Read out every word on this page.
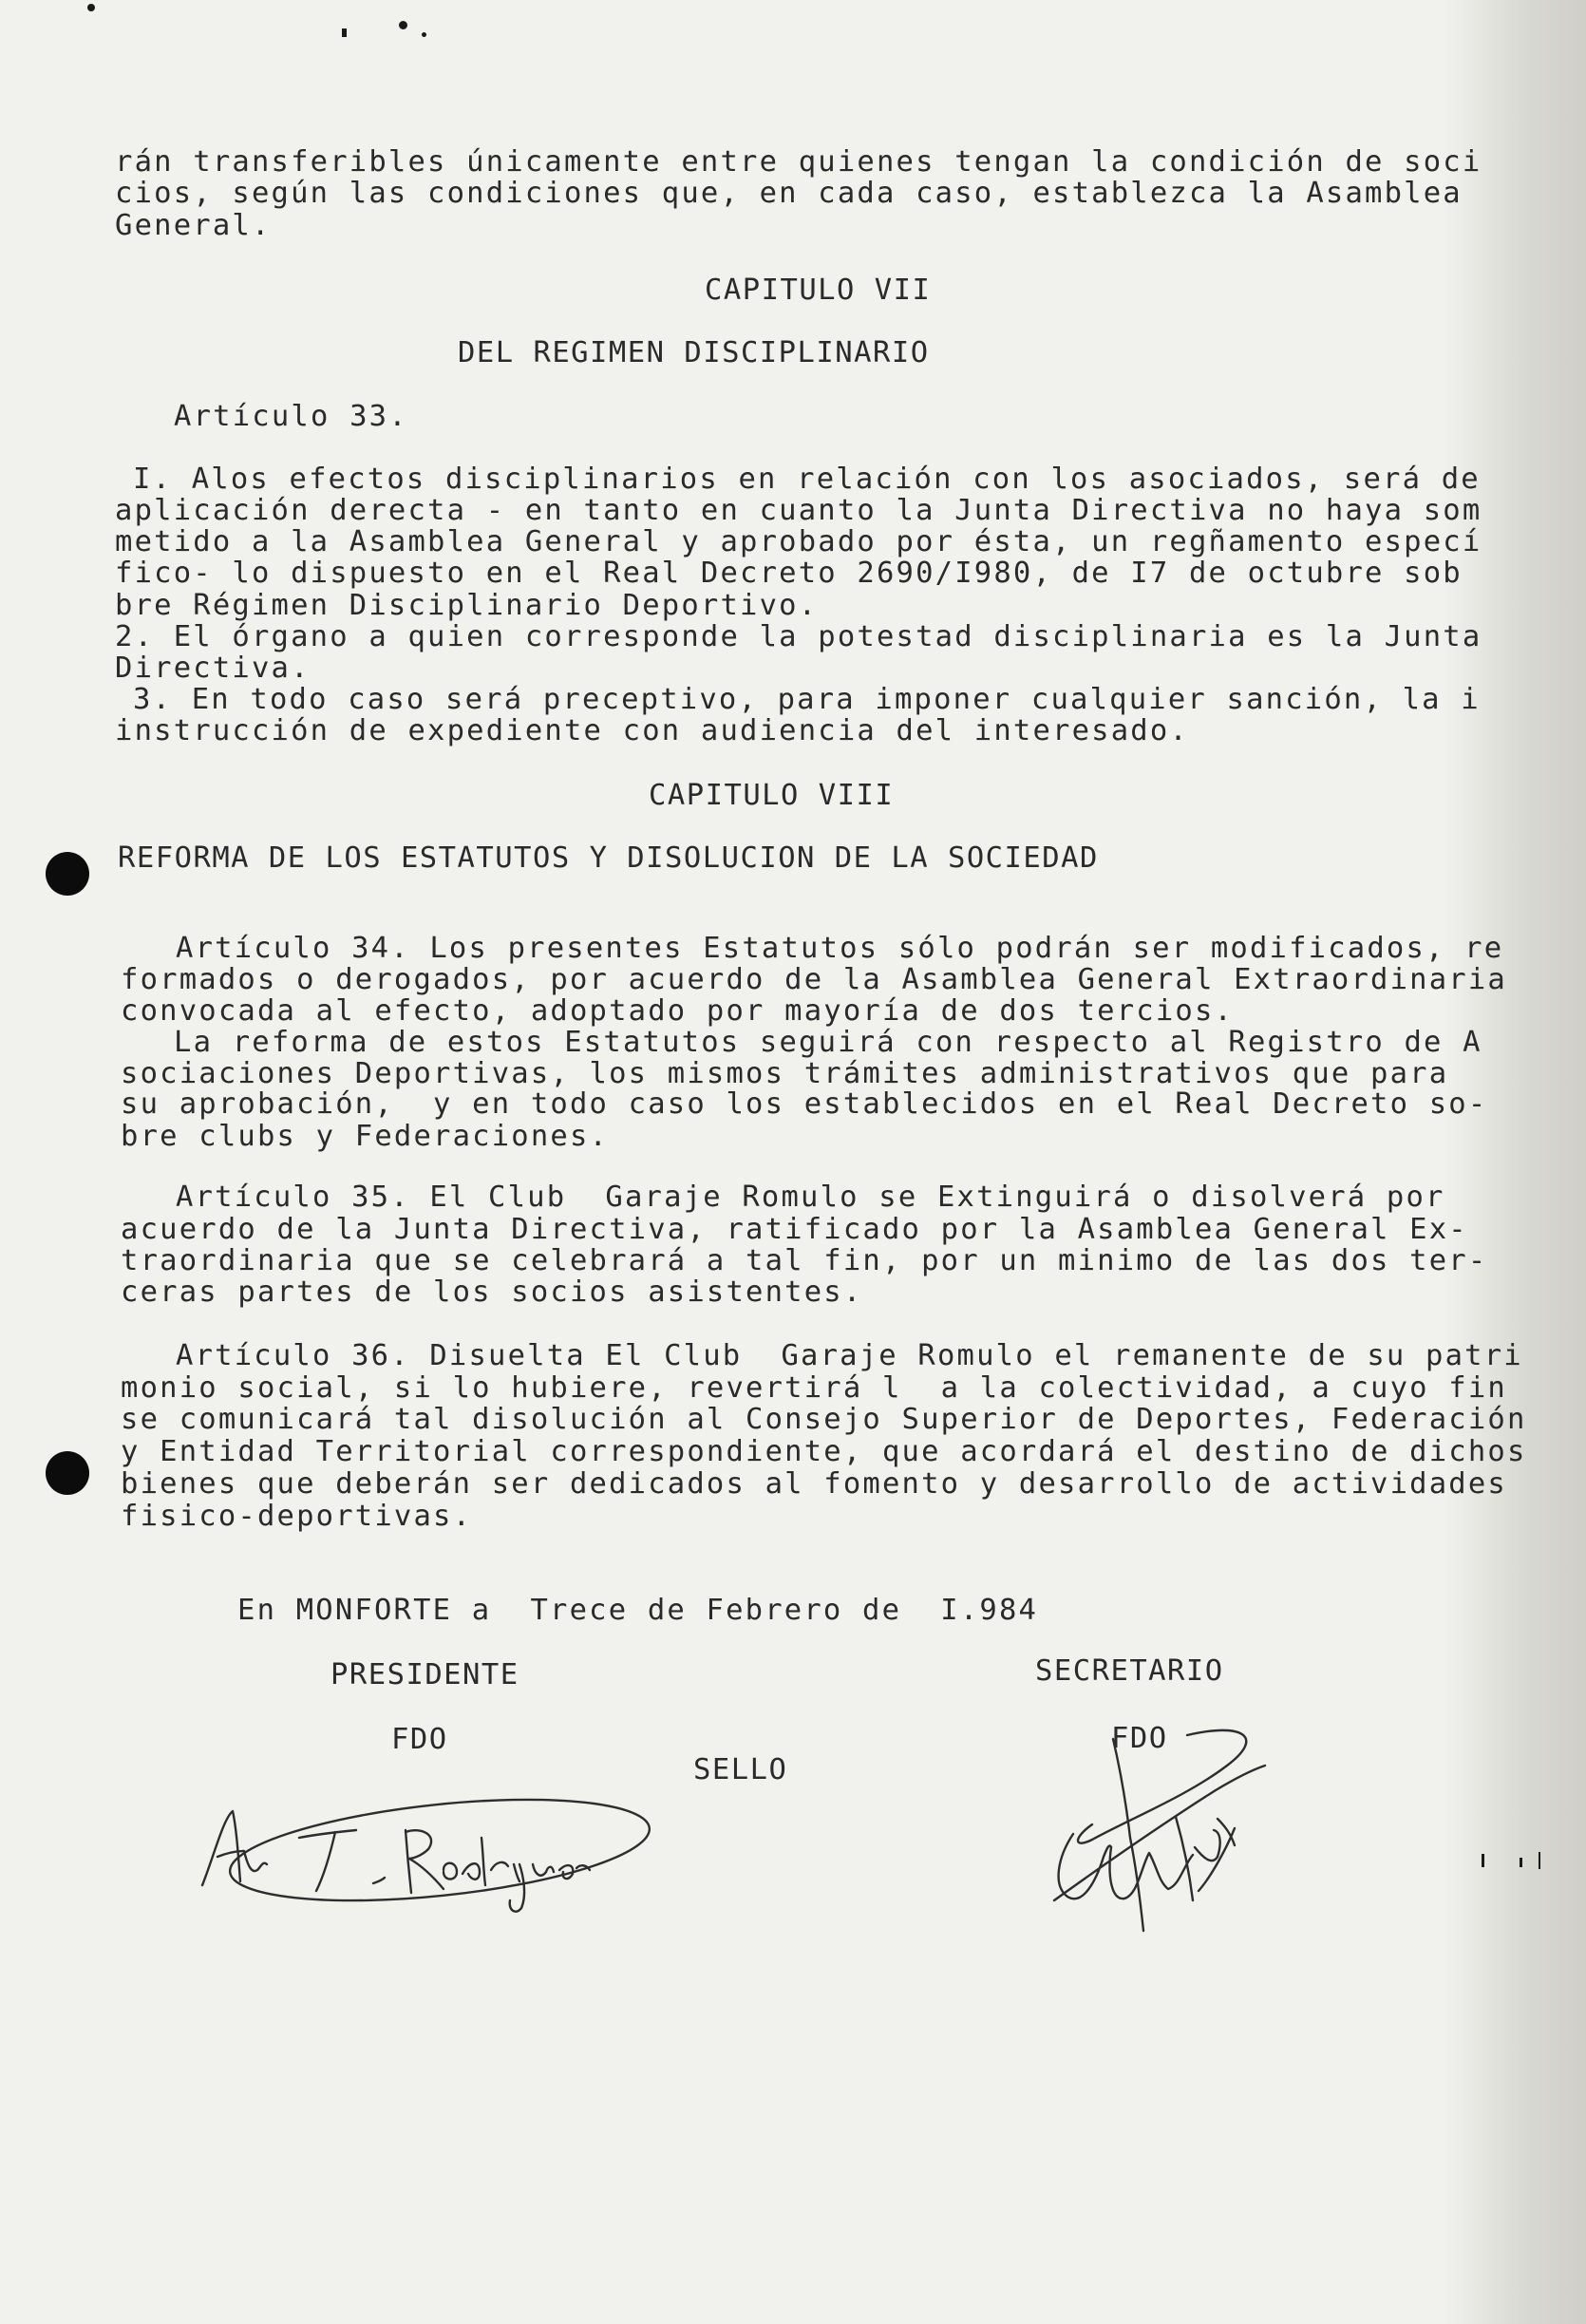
rán transferibles únicamente entre quienes tengan la condición de soci
cios, según las condiciones que, en cada caso, establezca la Asamblea
General.
CAPITULO VII
DEL REGIMEN DISCIPLINARIO
Artículo 33.
I. Alos efectos disciplinarios en relación con los asociados, será de
aplicación derecta - en tanto en cuanto la Junta Directiva no haya som
metido a la Asamblea General y aprobado por ésta, un regñamento especí
fico- lo dispuesto en el Real Decreto 2690/I980, de I7 de octubre sob
bre Régimen Disciplinario Deportivo.
2. El órgano a quien corresponde la potestad disciplinaria es la Junta
Directiva.
3. En todo caso será preceptivo, para imponer cualquier sanción, la i
instrucción de expediente con audiencia del interesado.
CAPITULO VIII
REFORMA DE LOS ESTATUTOS Y DISOLUCION DE LA SOCIEDAD
Artículo 34. Los presentes Estatutos sólo podrán ser modificados, re
formados o derogados, por acuerdo de la Asamblea General Extraordinaria
convocada al efecto, adoptado por mayoría de dos tercios.
La reforma de estos Estatutos seguirá con respecto al Registro de A
sociaciones Deportivas, los mismos trámites administrativos que para
su aprobación,  y en todo caso los establecidos en el Real Decreto so-
bre clubs y Federaciones.
Artículo 35. El Club  Garaje Romulo se Extinguirá o disolverá por
acuerdo de la Junta Directiva, ratificado por la Asamblea General Ex-
traordinaria que se celebrará a tal fin, por un minimo de las dos ter-
ceras partes de los socios asistentes.
Artículo 36. Disuelta El Club  Garaje Romulo el remanente de su patri
monio social, si lo hubiere, revertirá l  a la colectividad, a cuyo fin
se comunicará tal disolución al Consejo Superior de Deportes, Federación
y Entidad Territorial correspondiente, que acordará el destino de dichos
bienes que deberán ser dedicados al fomento y desarrollo de actividades
fisico-deportivas.
En MONFORTE a  Trece de Febrero de  I.984
PRESIDENTE	SECRETARIO
FDO	FDO
SELLO
